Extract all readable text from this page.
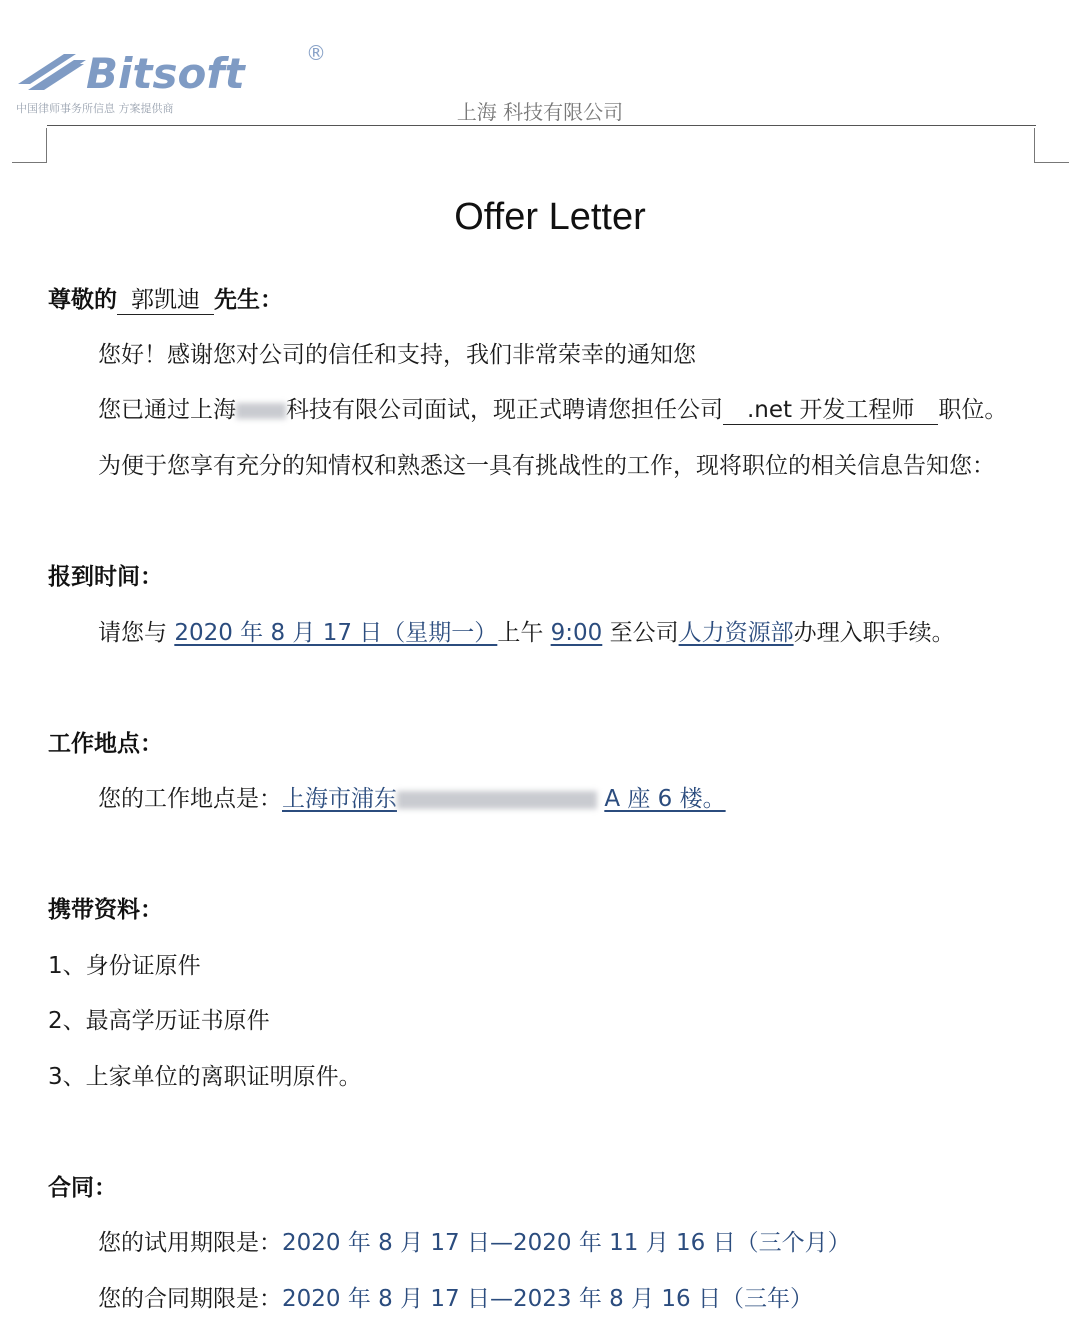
Bitsoft	®
中国律师事务所信息 方案提供商	上海 科技有限公司
Offer Letter
尊敬的 郭凯迪 先生：
您好！感谢您对公司的信任和支持，我们非常荣幸的通知您
您已通过上海 科技有限公司面试，现正式聘请您担任公司 .net 开发工程师 职位。
为便于您享有充分的知情权和熟悉这一具有挑战性的工作，现将职位的相关信息告知您：
报到时间：
请您与 2020 年 8 月 17 日（星期一）上午 9:00 至公司人力资源部办理入职手续。
工作地点：
您的工作地点是：上海市浦东	A 座 6 楼。
携带资料：
1、身份证原件
2、最高学历证书原件
3、上家单位的离职证明原件。
合同：
您的试用期限是：2020 年 8 月 17 日—2020 年 11 月 16 日（三个月）
您的合同期限是：2020 年 8 月 17 日—2023 年 8 月 16 日（三年）
